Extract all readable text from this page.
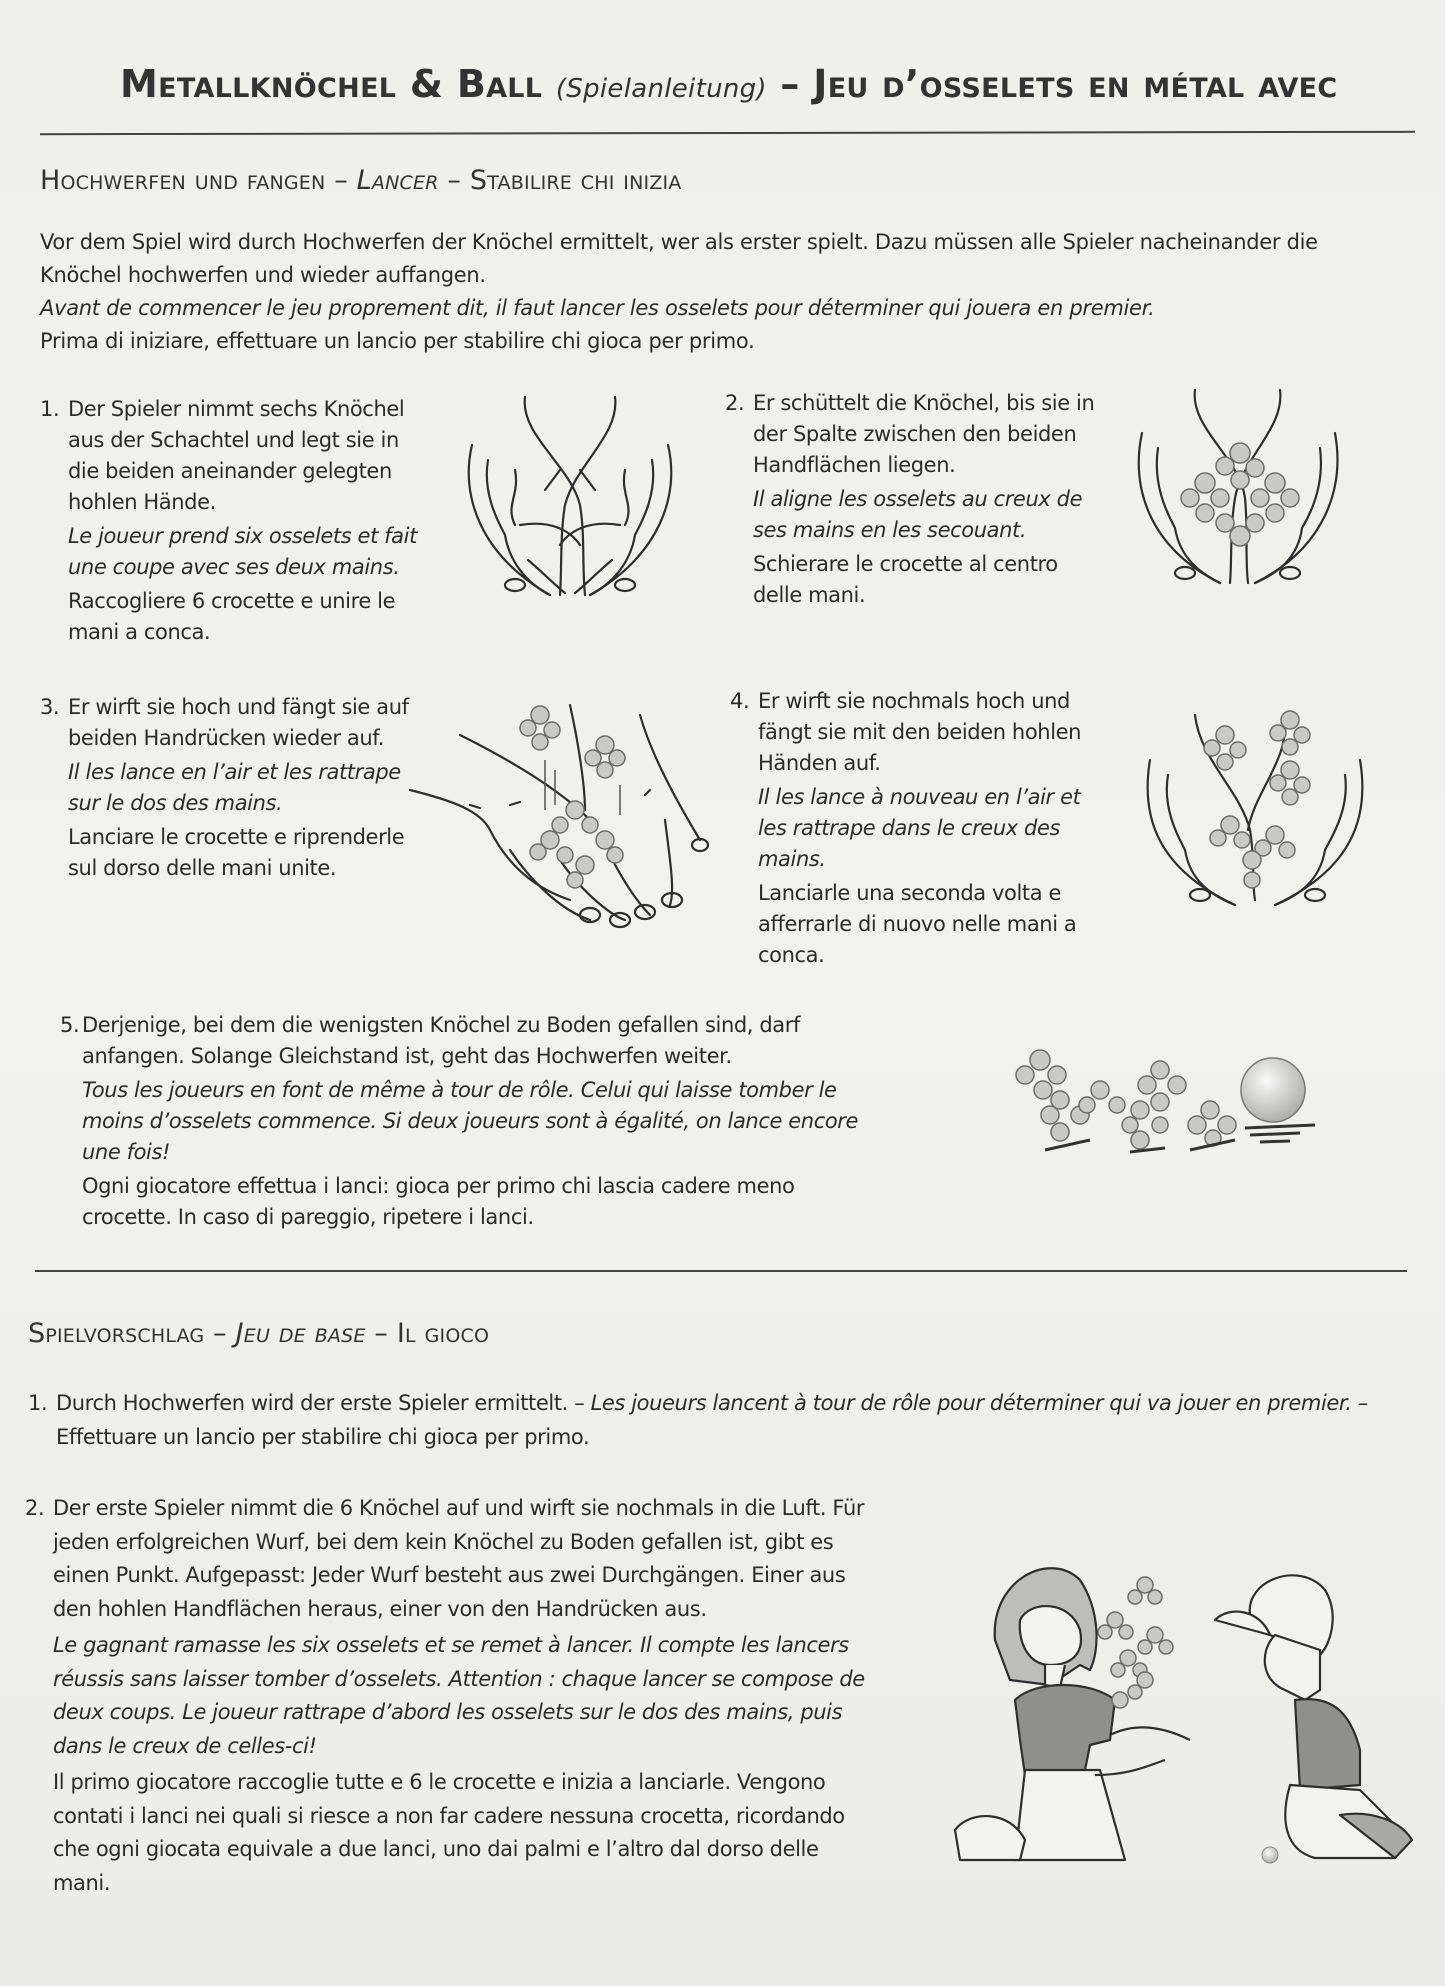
Metallknöchel & Ball (Spielanleitung) – Jeu d’osselets en métal avec
Hochwerfen und fangen – Lancer – Stabilire chi inizia

Vor dem Spiel wird durch Hochwerfen der Knöchel ermittelt, wer als erster spielt. Dazu müssen alle Spieler nacheinander die Knöchel hochwerfen und wieder auffangen.

Avant de commencer le jeu proprement dit, il faut lancer les osselets pour déterminer qui jouera en premier.

Prima di iniziare, effettuare un lancio per stabilire chi gioca per primo.

1. Der Spieler nimmt sechs Knöchel aus der Schachtel und legt sie in die beiden aneinander gelegten hohlen Hände.

Le joueur prend six osselets et fait une coupe avec ses deux mains.

Raccogliere 6 crocette e unire le mani a conca.

2. Er schüttelt die Knöchel, bis sie in der Spalte zwischen den beiden Handflächen liegen.

Il aligne les osselets au creux de ses mains en les secouant.

Schierare le crocette al centro delle mani.

3. Er wirft sie hoch und fängt sie auf beiden Handrücken wieder auf.

Il les lance en l’air et les rattrape sur le dos des mains.

Lanciare le crocette e riprenderle sul dorso delle mani unite.

4. Er wirft sie nochmals hoch und fängt sie mit den beiden hohlen Händen auf.

Il les lance à nouveau en l’air et les rattrape dans le creux des mains.

Lanciarle una seconda volta e afferrarle di nuovo nelle mani a conca.

5. Derjenige, bei dem die wenigsten Knöchel zu Boden gefallen sind, darf anfangen. Solange Gleichstand ist, geht das Hochwerfen weiter.

Tous les joueurs en font de même à tour de rôle. Celui qui laisse tomber le moins d’osselets commence. Si deux joueurs sont à égalité, on lance encore une fois!

Ogni giocatore effettua i lanci: gioca per primo chi lascia cadere meno crocette. In caso di pareggio, ripetere i lanci.

Spielvorschlag – Jeu de base – Il gioco
1. Durch Hochwerfen wird der erste Spieler ermittelt. – Les joueurs lancent à tour de rôle pour déterminer qui va jouer en premier. – Effettuare un lancio per stabilire chi gioca per primo.
2. Der erste Spieler nimmt die 6 Knöchel auf und wirft sie nochmals in die Luft. Für jeden erfolgreichen Wurf, bei dem kein Knöchel zu Boden gefallen ist, gibt es einen Punkt. Aufgepasst: Jeder Wurf besteht aus zwei Durchgängen. Einer aus den hohlen Handflächen heraus, einer von den Handrücken aus.

Le gagnant ramasse les six osselets et se remet à lancer. Il compte les lancers réussis sans laisser tomber d’osselets. Attention : chaque lancer se compose de deux coups. Le joueur rattrape d’abord les osselets sur le dos des mains, puis dans le creux de celles-ci!

Il primo giocatore raccoglie tutte e 6 le crocette e inizia a lanciarle. Vengono contati i lanci nei quali si riesce a non far cadere nessuna crocetta, ricordando che ogni giocata equivale a due lanci, uno dai palmi e l’altro dal dorso delle mani.
